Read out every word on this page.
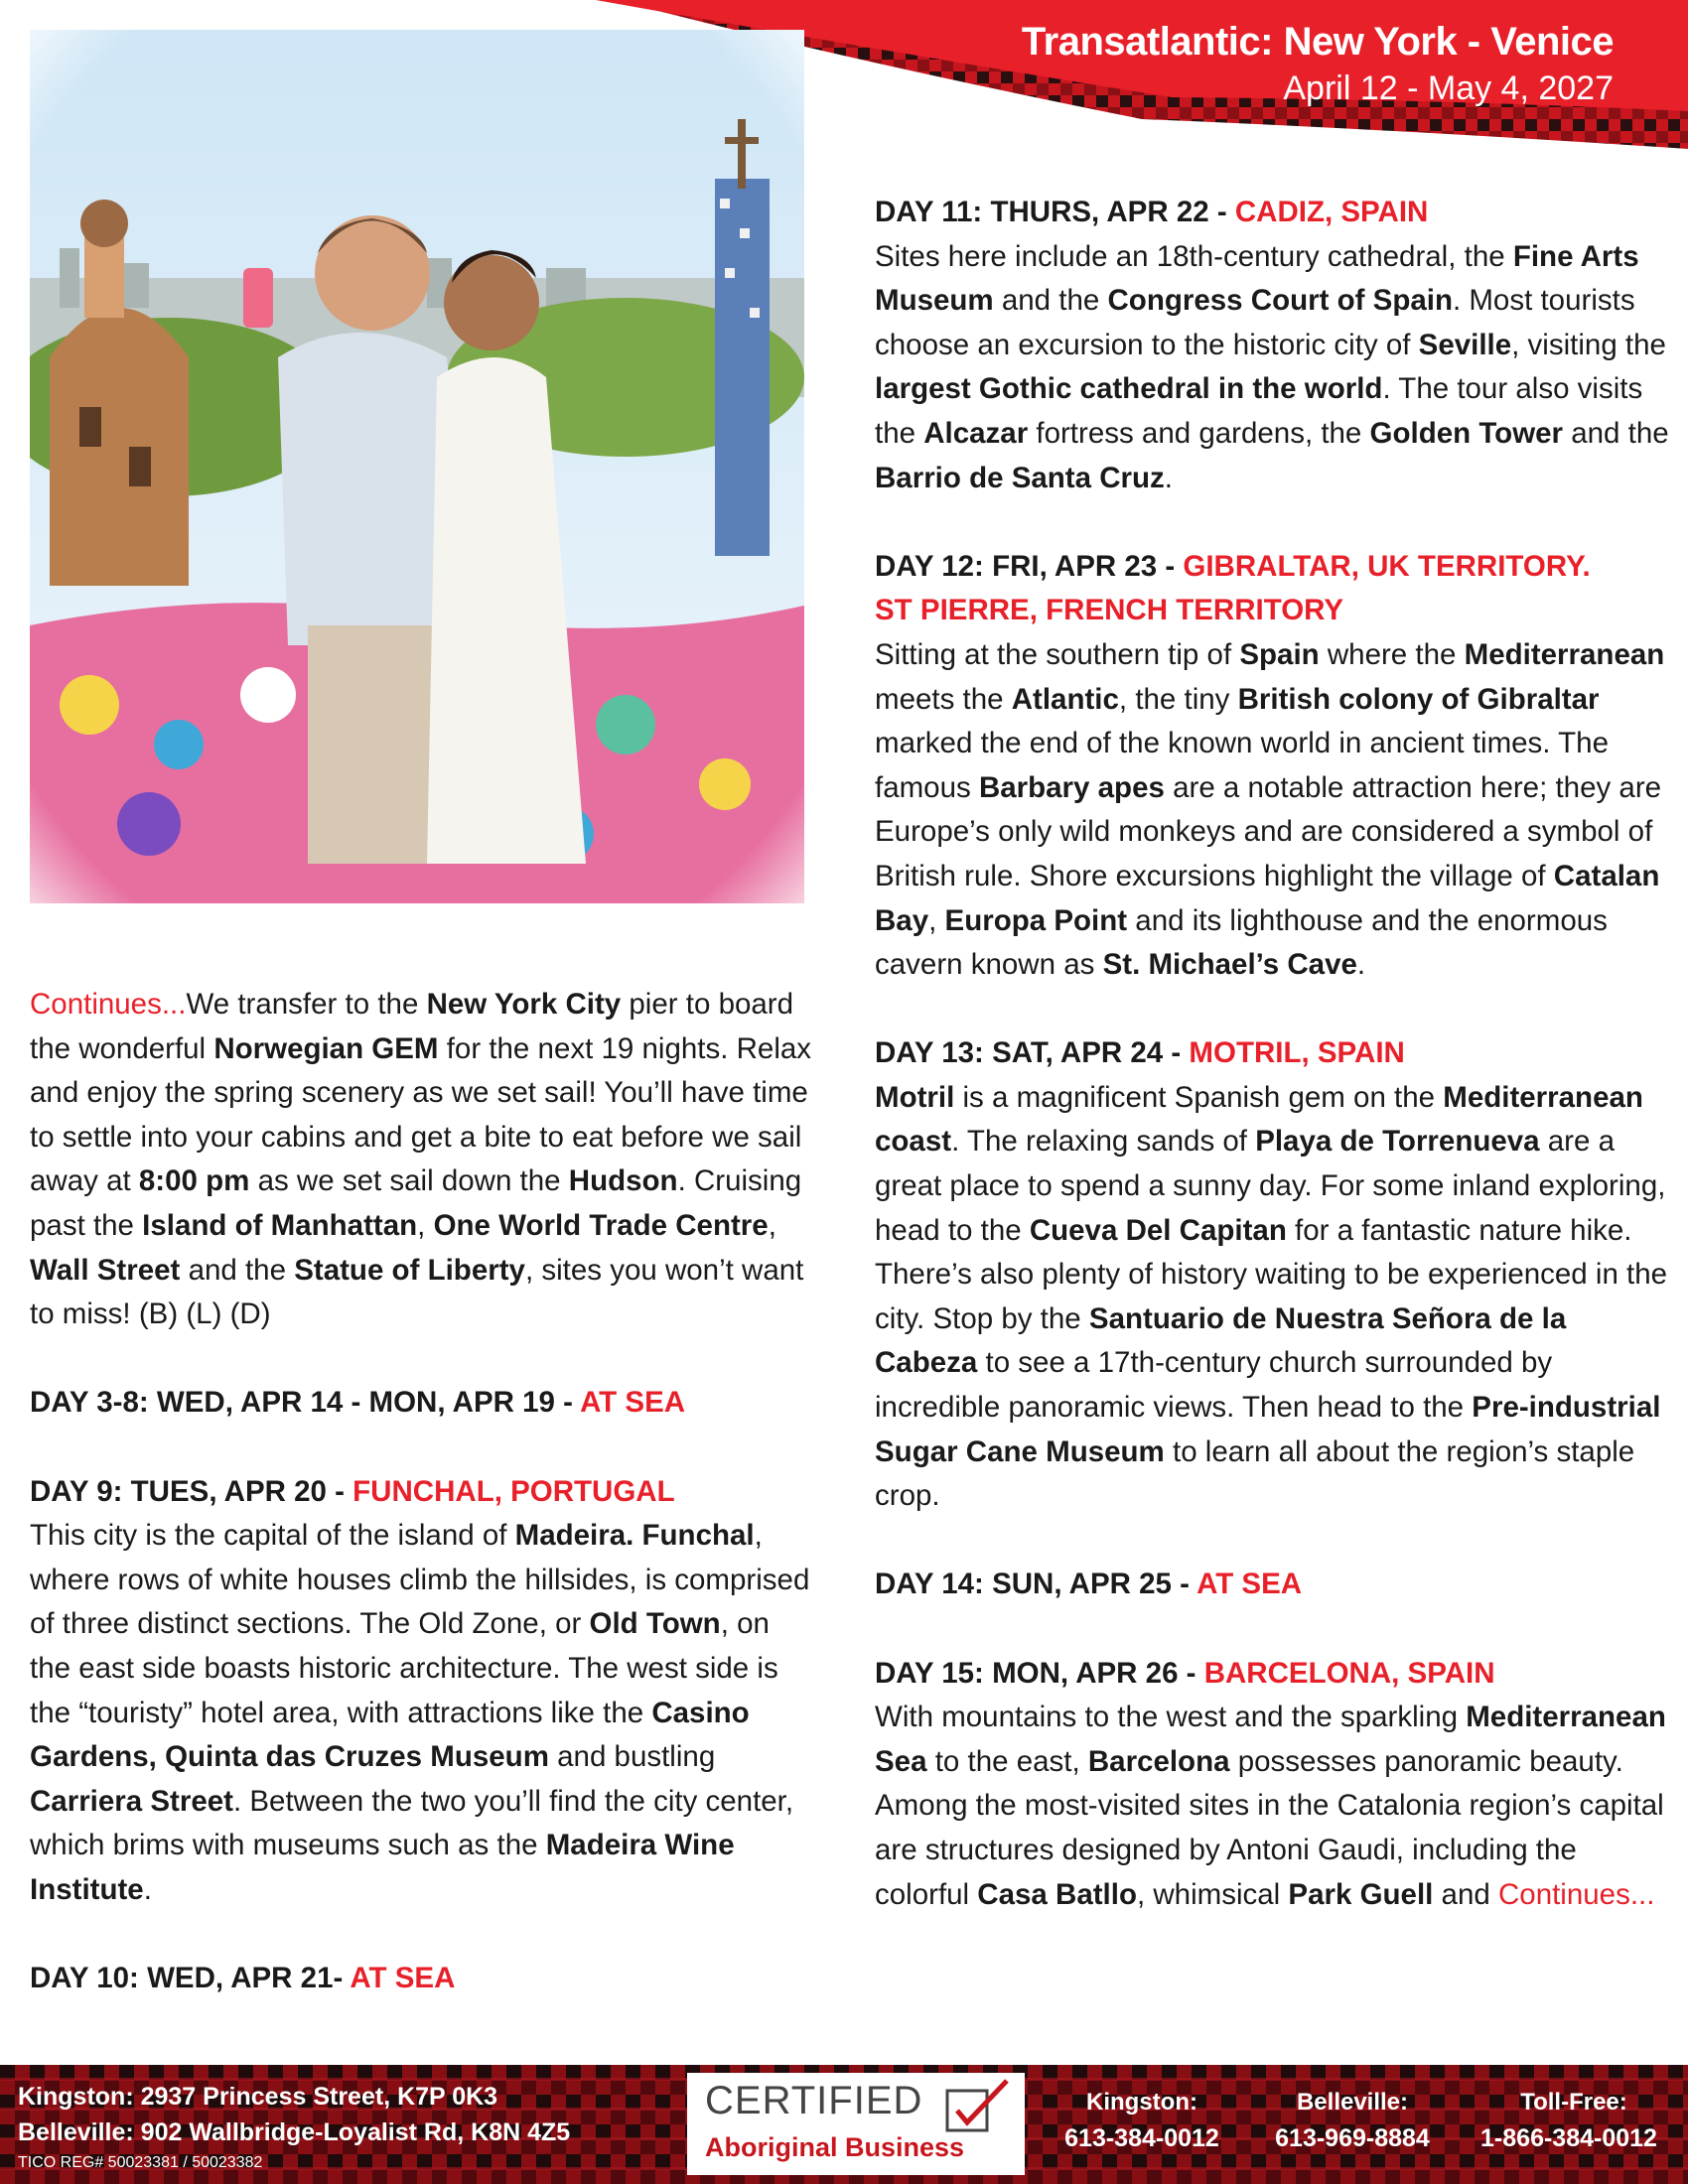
Transatlantic: New York - Venice
April 12 - May 4, 2027

Continues...We transfer to the New York City pier to board the wonderful Norwegian GEM for the next 19 nights. Relax and enjoy the spring scenery as we set sail! You’ll have time to settle into your cabins and get a bite to eat before we sail away at 8:00 pm as we set sail down the Hudson. Cruising past the Island of Manhattan, One World Trade Centre, Wall Street and the Statue of Liberty, sites you won’t want to miss! (B) (L) (D)

DAY 3-8: WED, APR 14 - MON, APR 19 - AT SEA
DAY 9: TUES, APR 20 - FUNCHAL, PORTUGAL

This city is the capital of the island of Madeira. Funchal, where rows of white houses climb the hillsides, is comprised of three distinct sections. The Old Zone, or Old Town, on the east side boasts historic architecture. The west side is the “touristy” hotel area, with attractions like the Casino Gardens, Quinta das Cruzes Museum and bustling Carriera Street. Between the two you’ll find the city center, which brims with museums such as the Madeira Wine Institute.

DAY 10: WED, APR 21- AT SEA
DAY 11: THURS, APR 22 - CADIZ, SPAIN

Sites here include an 18th-century cathedral, the Fine Arts Museum and the Congress Court of Spain. Most tourists choose an excursion to the historic city of Seville, visiting the largest Gothic cathedral in the world. The tour also visits the Alcazar fortress and gardens, the Golden Tower and the Barrio de Santa Cruz.

DAY 12: FRI, APR 23 - GIBRALTAR, UK TERRITORY. ST PIERRE, FRENCH TERRITORY

Sitting at the southern tip of Spain where the Mediterranean meets the Atlantic, the tiny British colony of Gibraltar marked the end of the known world in ancient times. The famous Barbary apes are a notable attraction here; they are Europe’s only wild monkeys and are considered a symbol of British rule. Shore excursions highlight the village of Catalan Bay, Europa Point and its lighthouse and the enormous cavern known as St. Michael’s Cave.

DAY 13: SAT, APR 24 - MOTRIL, SPAIN

Motril is a magnificent Spanish gem on the Mediterranean coast. The relaxing sands of Playa de Torrenueva are a great place to spend a sunny day. For some inland exploring, head to the Cueva Del Capitan for a fantastic nature hike. There’s also plenty of history waiting to be experienced in the city. Stop by the Santuario de Nuestra Señora de la Cabeza to see a 17th-century church surrounded by incredible panoramic views. Then head to the Pre-industrial Sugar Cane Museum to learn all about the region’s staple crop.

DAY 14: SUN, APR 25 - AT SEA
DAY 15: MON, APR 26 - BARCELONA, SPAIN

With mountains to the west and the sparkling Mediterranean Sea to the east, Barcelona possesses panoramic beauty. Among the most-visited sites in the Catalonia region’s capital are structures designed by Antoni Gaudi, including the colorful Casa Batllo, whimsical Park Guell and Continues...

Kingston: 2937 Princess Street, K7P 0K3
Belleville: 902 Wallbridge-Loyalist Rd, K8N 4Z5
TICO REG# 50023381 / 50023382
CERTIFIED
Aboriginal Business
Kingston:
613-384-0012
Belleville:
613-969-8884
Toll-Free:
1-866-384-0012
